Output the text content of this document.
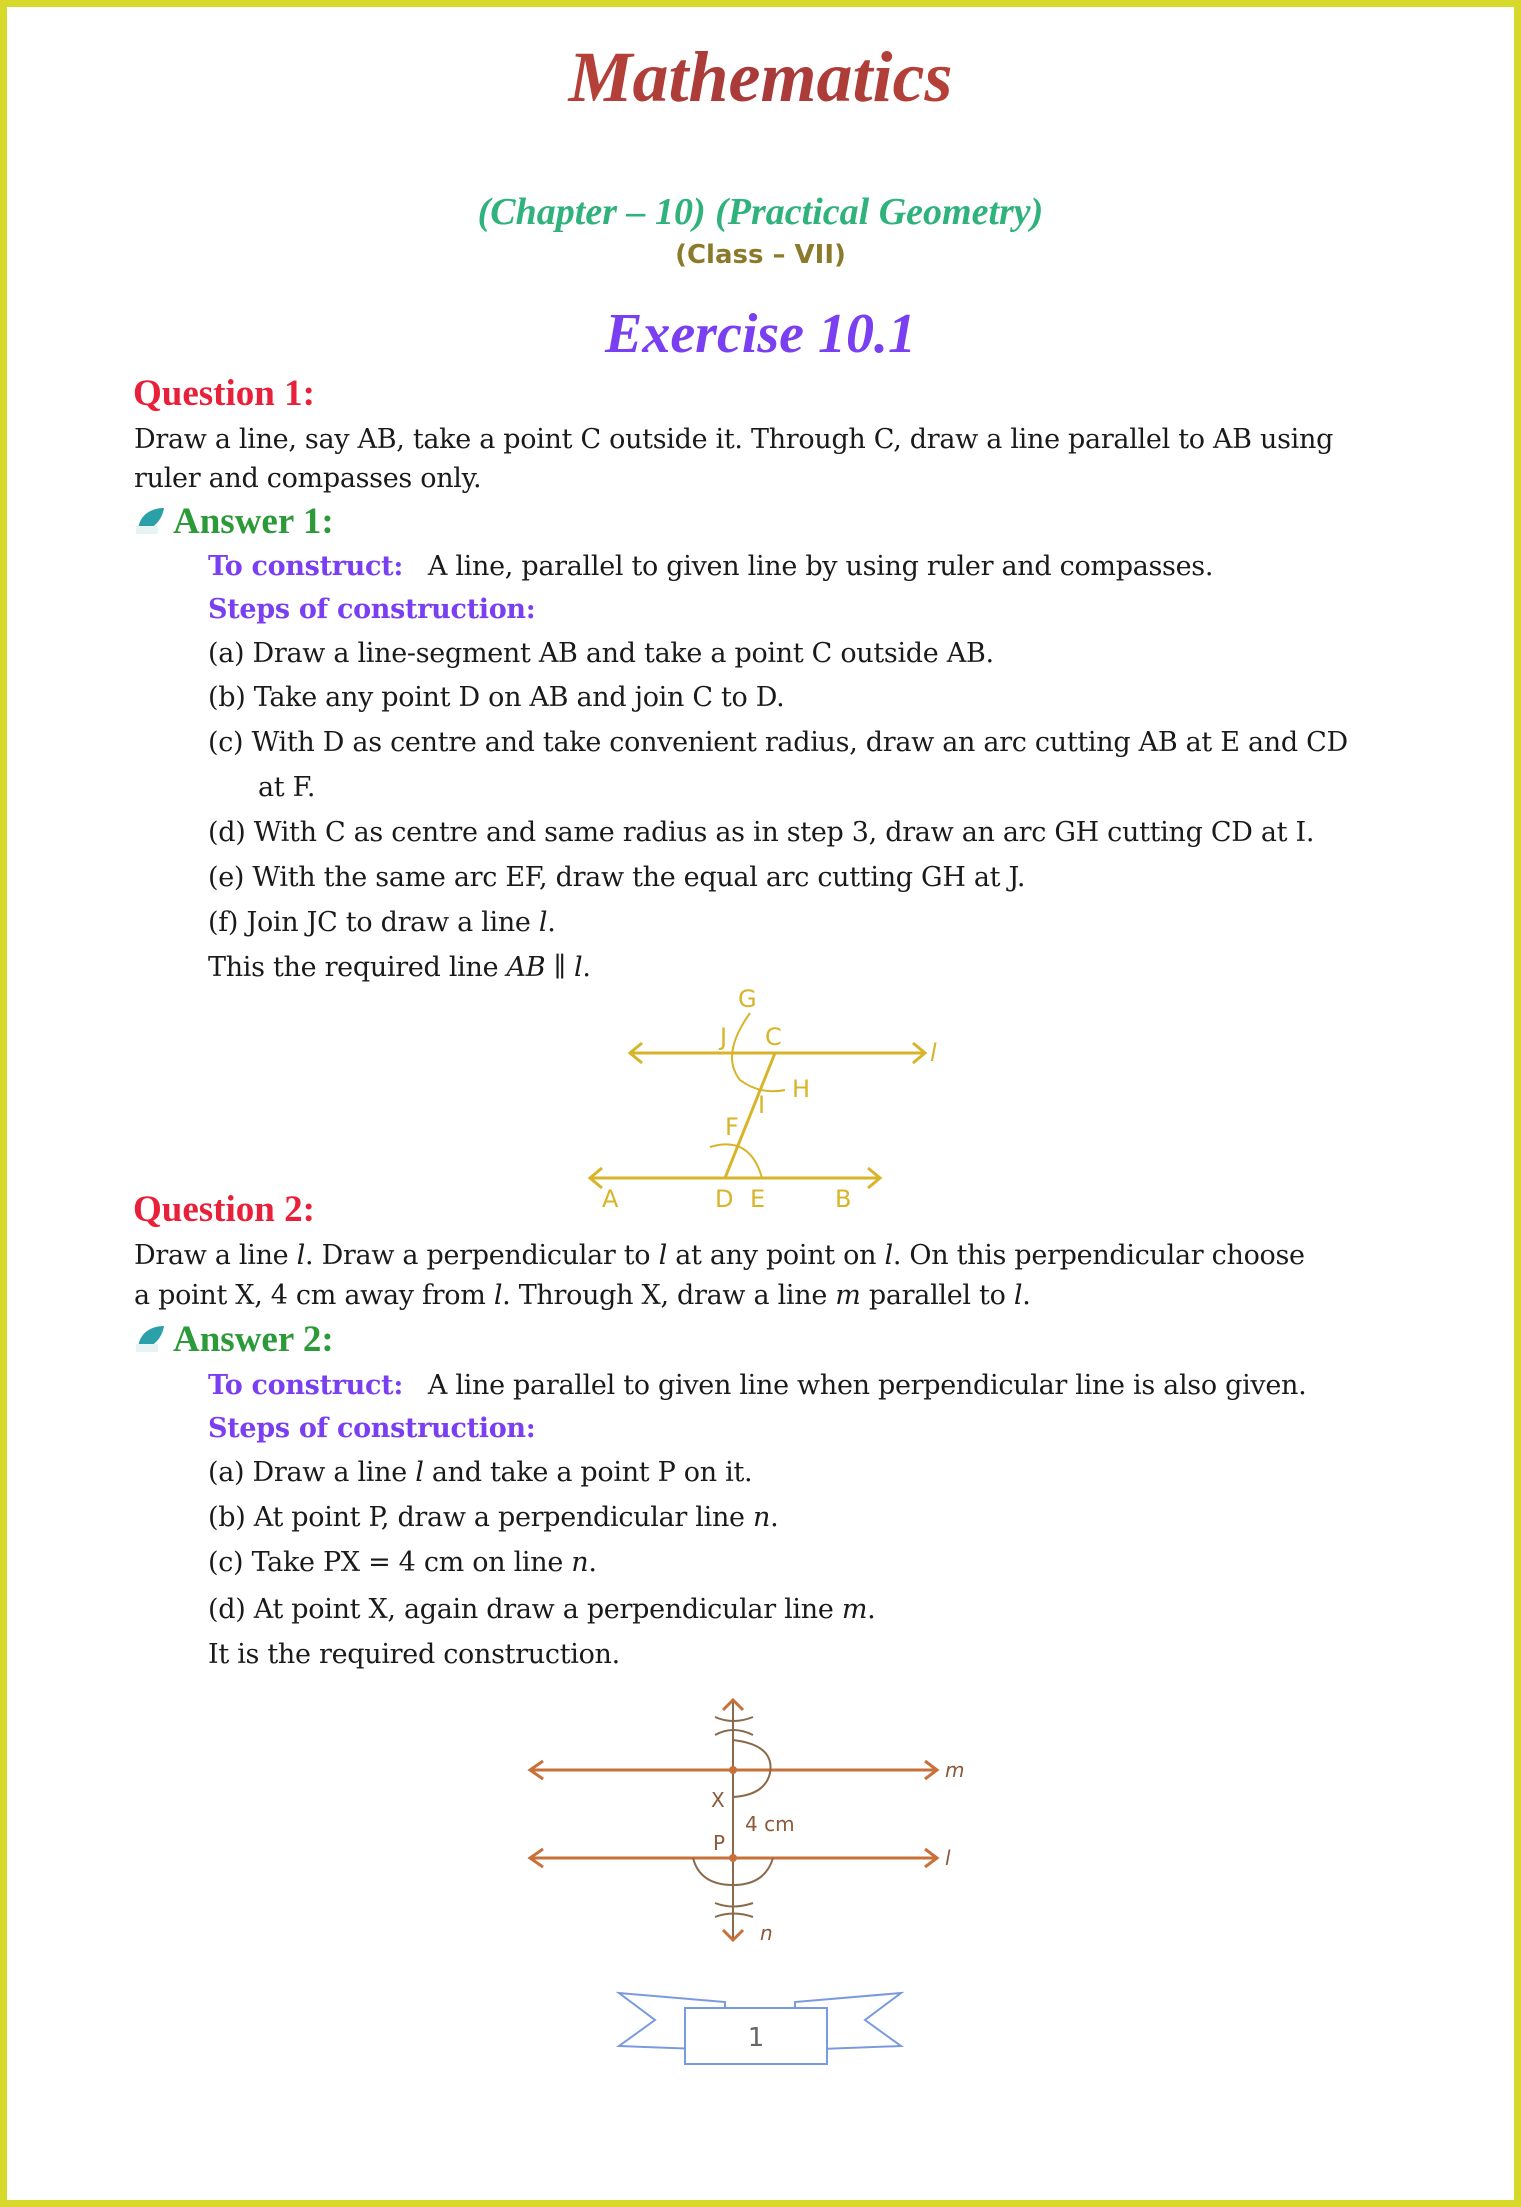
Mathematics
(Chapter – 10) (Practical Geometry)
(Class – VII)
Exercise 10.1
Question 1:
Draw a line, say AB, take a point C outside it. Through C, draw a line parallel to AB using
ruler and compasses only.
Answer 1:
To construct: A line, parallel to given line by using ruler and compasses.
Steps of construction:
(a) Draw a line-segment AB and take a point C outside AB.
(b) Take any point D on AB and join C to D.
(c) With D as centre and take convenient radius, draw an arc cutting AB at E and CD
at F.
(d) With C as centre and same radius as in step 3, draw an arc GH cutting CD at I.
(e) With the same arc EF, draw the equal arc cutting GH at J.
(f) Join JC to draw a line l.
This the required line AB ∥ l.
G
J C
H
I
F
A	D E	B
l
Question 2:
Draw a line l. Draw a perpendicular to l at any point on l. On this perpendicular choose
a point X, 4 cm away from l. Through X, draw a line m parallel to l.
Answer 2:
To construct: A line parallel to given line when perpendicular line is also given.
Steps of construction:
(a) Draw a line l and take a point P on it.
(b) At point P, draw a perpendicular line n.
(c) Take PX = 4 cm on line n.
(d) At point X, again draw a perpendicular line m.
It is the required construction.
m
X
4 cm
P
l
n
1
